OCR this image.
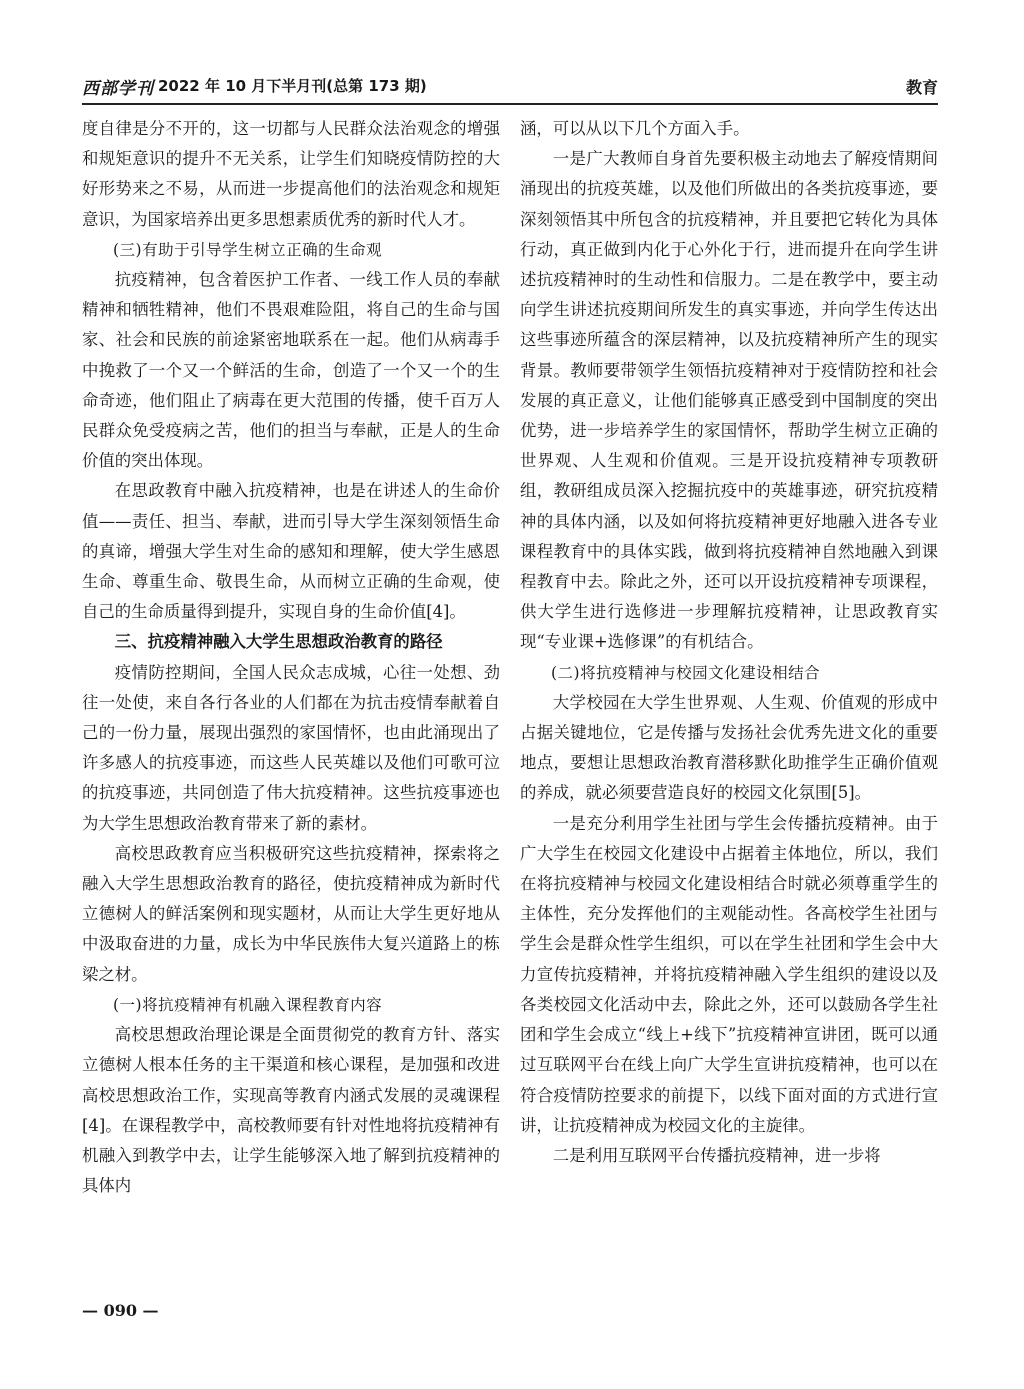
西部学刊 2022 年 10 月下半月刊(总第 173 期)	教育

度自律是分不开的，这一切都与人民群众法治观念的增强和规矩意识的提升不无关系，让学生们知晓疫情防控的大好形势来之不易，从而进一步提高他们的法治观念和规矩意识，为国家培养出更多思想素质优秀的新时代人才。

(三)有助于引导学生树立正确的生命观

抗疫精神，包含着医护工作者、一线工作人员的奉献精神和牺牲精神，他们不畏艰难险阻，将自己的生命与国家、社会和民族的前途紧密地联系在一起。他们从病毒手中挽救了一个又一个鲜活的生命，创造了一个又一个的生命奇迹，他们阻止了病毒在更大范围的传播，使千百万人民群众免受疫病之苦，他们的担当与奉献，正是人的生命价值的突出体现。

在思政教育中融入抗疫精神，也是在讲述人的生命价值——责任、担当、奉献，进而引导大学生深刻领悟生命的真谛，增强大学生对生命的感知和理解，使大学生感恩生命、尊重生命、敬畏生命，从而树立正确的生命观，使自己的生命质量得到提升，实现自身的生命价值[4]。

三、抗疫精神融入大学生思想政治教育的路径

疫情防控期间，全国人民众志成城，心往一处想、劲往一处使，来自各行各业的人们都在为抗击疫情奉献着自己的一份力量，展现出强烈的家国情怀，也由此涌现出了许多感人的抗疫事迹，而这些人民英雄以及他们可歌可泣的抗疫事迹，共同创造了伟大抗疫精神。这些抗疫事迹也为大学生思想政治教育带来了新的素材。

高校思政教育应当积极研究这些抗疫精神，探索将之融入大学生思想政治教育的路径，使抗疫精神成为新时代立德树人的鲜活案例和现实题材，从而让大学生更好地从中汲取奋进的力量，成长为中华民族伟大复兴道路上的栋梁之材。

(一)将抗疫精神有机融入课程教育内容

高校思想政治理论课是全面贯彻党的教育方针、落实立德树人根本任务的主干渠道和核心课程，是加强和改进高校思想政治工作，实现高等教育内涵式发展的灵魂课程[4]。在课程教学中，高校教师要有针对性地将抗疫精神有机融入到教学中去，让学生能够深入地了解到抗疫精神的具体内

涵，可以从以下几个方面入手。

一是广大教师自身首先要积极主动地去了解疫情期间涌现出的抗疫英雄，以及他们所做出的各类抗疫事迹，要深刻领悟其中所包含的抗疫精神，并且要把它转化为具体行动，真正做到内化于心外化于行，进而提升在向学生讲述抗疫精神时的生动性和信服力。二是在教学中，要主动向学生讲述抗疫期间所发生的真实事迹，并向学生传达出这些事迹所蕴含的深层精神，以及抗疫精神所产生的现实背景。教师要带领学生领悟抗疫精神对于疫情防控和社会发展的真正意义，让他们能够真正感受到中国制度的突出优势，进一步培养学生的家国情怀，帮助学生树立正确的世界观、人生观和价值观。三是开设抗疫精神专项教研组，教研组成员深入挖掘抗疫中的英雄事迹，研究抗疫精神的具体内涵，以及如何将抗疫精神更好地融入进各专业课程教育中的具体实践，做到将抗疫精神自然地融入到课程教育中去。除此之外，还可以开设抗疫精神专项课程，供大学生进行选修进一步理解抗疫精神，让思政教育实现“专业课+选修课”的有机结合。

(二)将抗疫精神与校园文化建设相结合

大学校园在大学生世界观、人生观、价值观的形成中占据关键地位，它是传播与发扬社会优秀先进文化的重要地点，要想让思想政治教育潜移默化助推学生正确价值观的养成，就必须要营造良好的校园文化氛围[5]。

一是充分利用学生社团与学生会传播抗疫精神。由于广大学生在校园文化建设中占据着主体地位，所以，我们在将抗疫精神与校园文化建设相结合时就必须尊重学生的主体性，充分发挥他们的主观能动性。各高校学生社团与学生会是群众性学生组织，可以在学生社团和学生会中大力宣传抗疫精神，并将抗疫精神融入学生组织的建设以及各类校园文化活动中去，除此之外，还可以鼓励各学生社团和学生会成立“线上+线下”抗疫精神宣讲团，既可以通过互联网平台在线上向广大学生宣讲抗疫精神，也可以在符合疫情防控要求的前提下，以线下面对面的方式进行宣讲，让抗疫精神成为校园文化的主旋律。

二是利用互联网平台传播抗疫精神，进一步将

— 090 —
